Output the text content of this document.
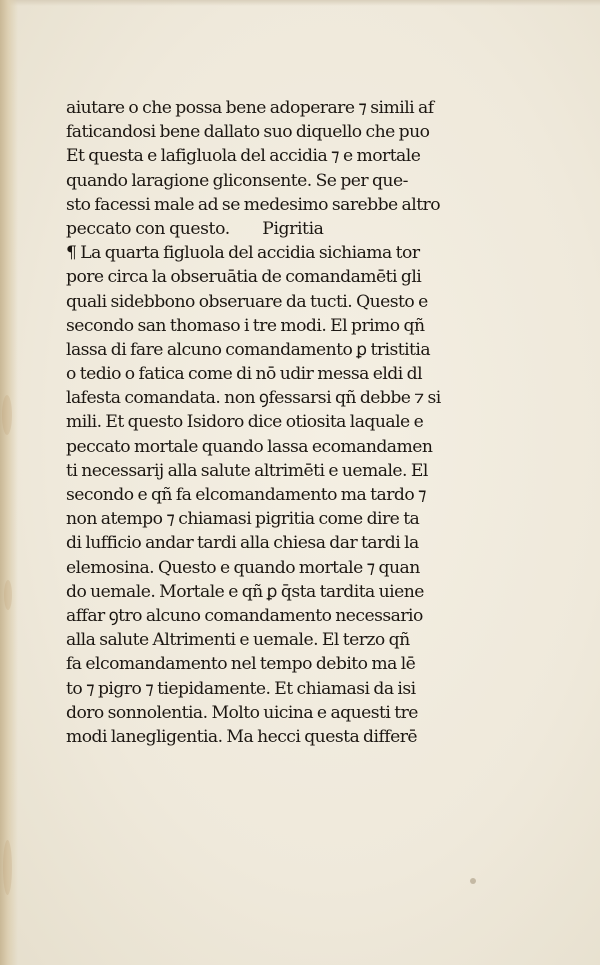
aiutare o che possa bene adoperare ⁊ simili af
faticandosi bene dallato suo diquello che puo
Et questa e lafigluola del accidia ⁊ e mortale
quando laragione gliconsente. Se per que-
sto facessi male ad se medesimo sarebbe altro
peccato con questo.        Pigritia
¶ La quarta figluola del accidia sichiama tor
pore circa la obseruātia de comandamēti gli
quali sidebbono obseruare da tucti. Questo e
secondo san thomaso i tre modi. El primo qñ
lassa di fare alcuno comandamento ꝑ tristitia
o tedio o fatica come di nō udir messa eldi dl
lafesta comandata. non ꝯfessarsi qñ debbe ⁊ si
mili. Et questo Isidoro dice otiosita laquale e
peccato mortale quando lassa ecomandamen
ti necessarij alla salute altrimēti e uemale. El
secondo e qñ fa elcomandamento ma tardo ⁊
non atempo ⁊ chiamasi pigritia come dire ta
di lufficio andar tardi alla chiesa dar tardi la
elemosina. Questo e quando mortale ⁊ quan
do uemale. Mortale e qñ ꝑ q̄sta tardita uiene
affar ꝯtro alcuno comandamento necessario
alla salute Altrimenti e uemale. El terzo qñ
fa elcomandamento nel tempo debito ma lē
to ⁊ pigro ⁊ tiepidamente. Et chiamasi da isi
doro sonnolentia. Molto uicina e aquesti tre
modi lanegligentia. Ma hecci questa differē
